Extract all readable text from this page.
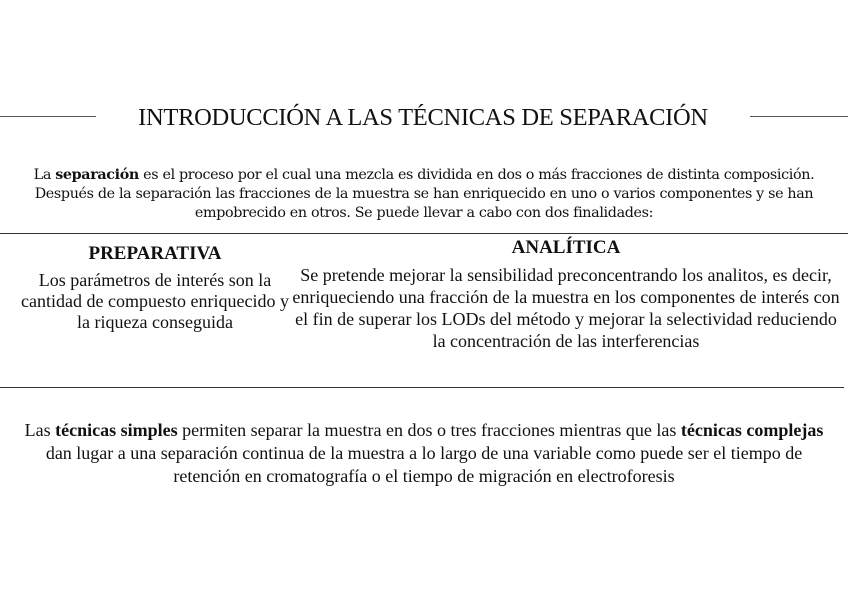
INTRODUCCIÓN A LAS TÉCNICAS DE SEPARACIÓN

La separación es el proceso por el cual una mezcla es dividida en dos o más fracciones de distinta composición. Después de la separación las fracciones de la muestra se han enriquecido en uno o varios componentes y se han empobrecido en otros. Se puede llevar a cabo con dos finalidades:

PREPARATIVA

Los parámetros de interés son la cantidad de compuesto enriquecido y la riqueza conseguida

ANALÍTICA

Se pretende mejorar la sensibilidad preconcentrando los analitos, es decir, enriqueciendo una fracción de la muestra en los componentes de interés con el fin de superar los LODs del método y mejorar la selectividad reduciendo la concentración de las interferencias

Las técnicas simples permiten separar la muestra en dos o tres fracciones mientras que las técnicas complejas dan lugar a una separación continua de la muestra a lo largo de una variable como puede ser el tiempo de retención en cromatografía o el tiempo de migración en electroforesis
